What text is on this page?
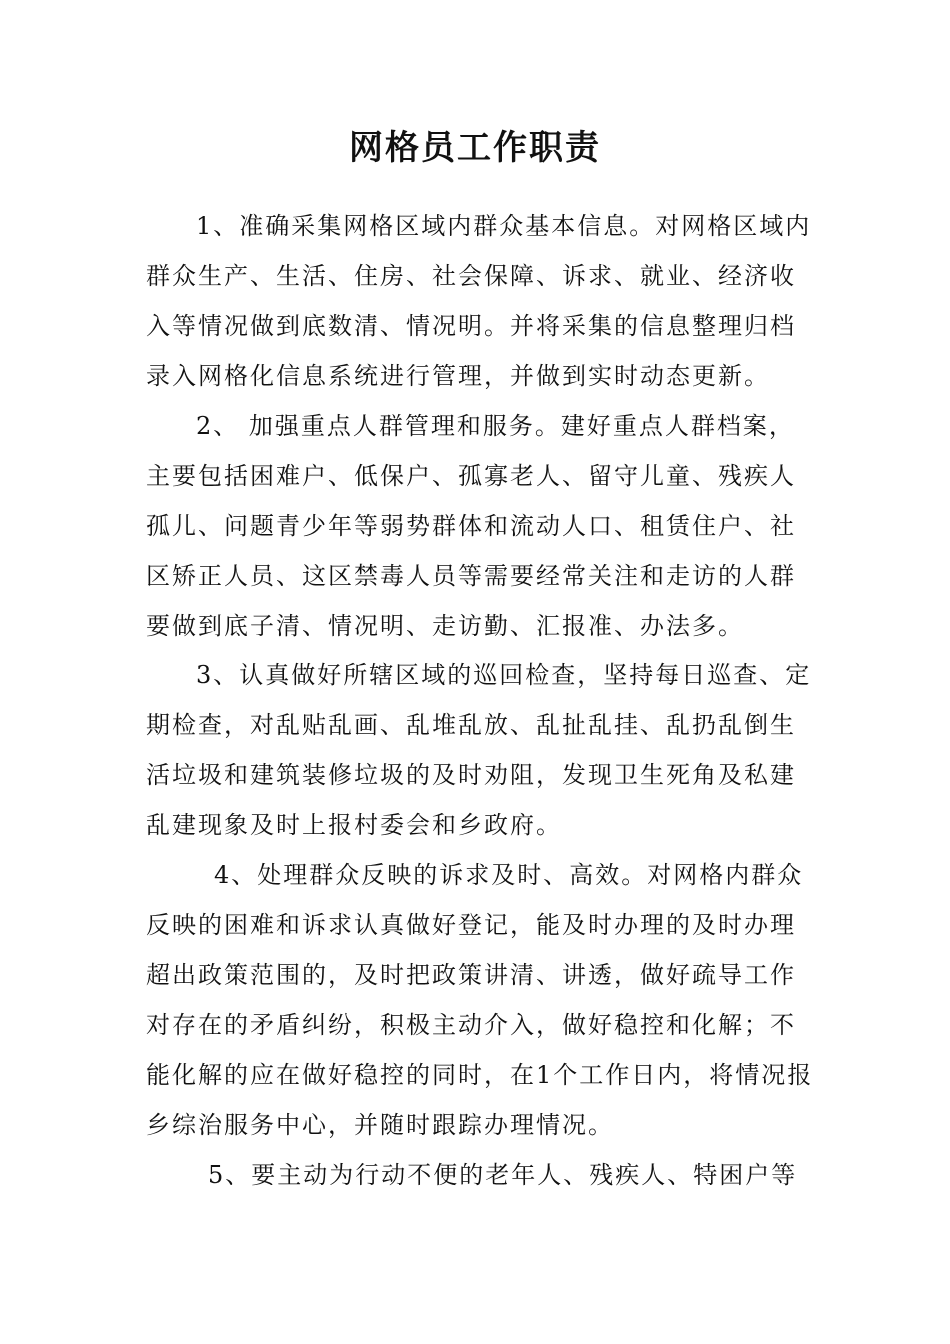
网格员工作职责
1、准确采集网格区域内群众基本信息。对网格区域内
群众生产、生活、住房、社会保障、诉求、就业、经济收
入等情况做到底数清、情况明。并将采集的信息整理归档
录入网格化信息系统进行管理，并做到实时动态更新。
2、 加强重点人群管理和服务。建好重点人群档案，
主要包括困难户、低保户、孤寡老人、留守儿童、残疾人
孤儿、问题青少年等弱势群体和流动人口、租赁住户、社
区矫正人员、这区禁毒人员等需要经常关注和走访的人群
要做到底子清、情况明、走访勤、汇报准、办法多。
3、认真做好所辖区域的巡回检查，坚持每日巡查、定
期检查，对乱贴乱画、乱堆乱放、乱扯乱挂、乱扔乱倒生
活垃圾和建筑装修垃圾的及时劝阻，发现卫生死角及私建
乱建现象及时上报村委会和乡政府。
4、处理群众反映的诉求及时、高效。对网格内群众
反映的困难和诉求认真做好登记，能及时办理的及时办理
超出政策范围的，及时把政策讲清、讲透，做好疏导工作
对存在的矛盾纠纷，积极主动介入，做好稳控和化解；不
能化解的应在做好稳控的同时，在1个工作日内，将情况报
乡综治服务中心，并随时跟踪办理情况。
5、要主动为行动不便的老年人、残疾人、特困户等
